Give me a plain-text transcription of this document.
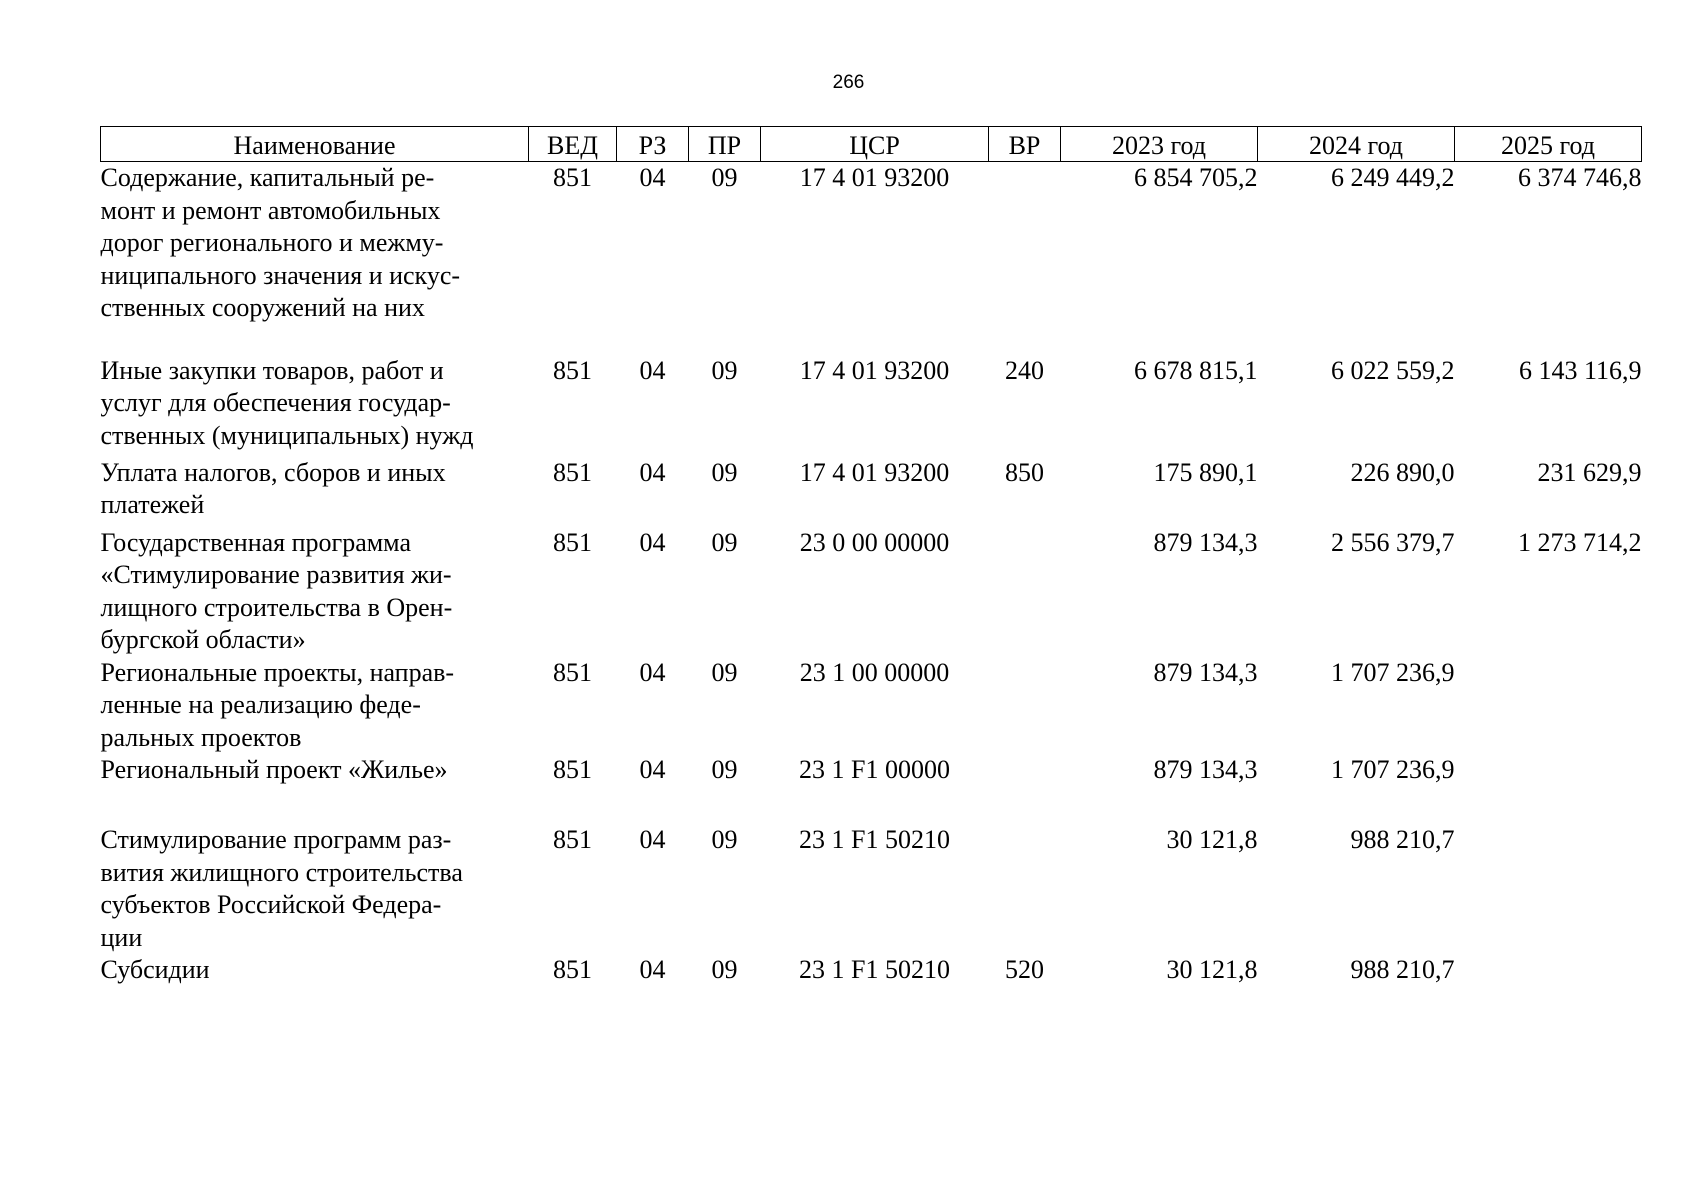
266
Наименование	ВЕД	РЗ	ПР	ЦСР	ВР	2023 год	2024 год	2025 год

Содержание, капитальный ре-
монт и ремонт автомобильных
дорог регионального и межму-
ниципального значения и искус-
ственных сооружений на них	851	04	09	17 4 01 93200		6 854 705,2	6 249 449,2	6 374 746,8

Иные закупки товаров, работ и
услуг для обеспечения государ-
ственных (муниципальных) нужд	851	04	09	17 4 01 93200	240	6 678 815,1	6 022 559,2	6 143 116,9

Уплата налогов, сборов и иных
платежей	851	04	09	17 4 01 93200	850	175 890,1	226 890,0	231 629,9

Государственная программа
«Стимулирование развития жи-
лищного строительства в Орен-
бургской области»	851	04	09	23 0 00 00000		879 134,3	2 556 379,7	1 273 714,2

Региональные проекты, направ-
ленные на реализацию феде-
ральных проектов	851	04	09	23 1 00 00000		879 134,3	1 707 236,9	

Региональный проект «Жилье»	851	04	09	23 1 F1 00000		879 134,3	1 707 236,9	

Стимулирование программ раз-
вития жилищного строительства
субъектов Российской Федера-
ции	851	04	09	23 1 F1 50210		30 121,8	988 210,7	

Субсидии	851	04	09	23 1 F1 50210	520	30 121,8	988 210,7	
